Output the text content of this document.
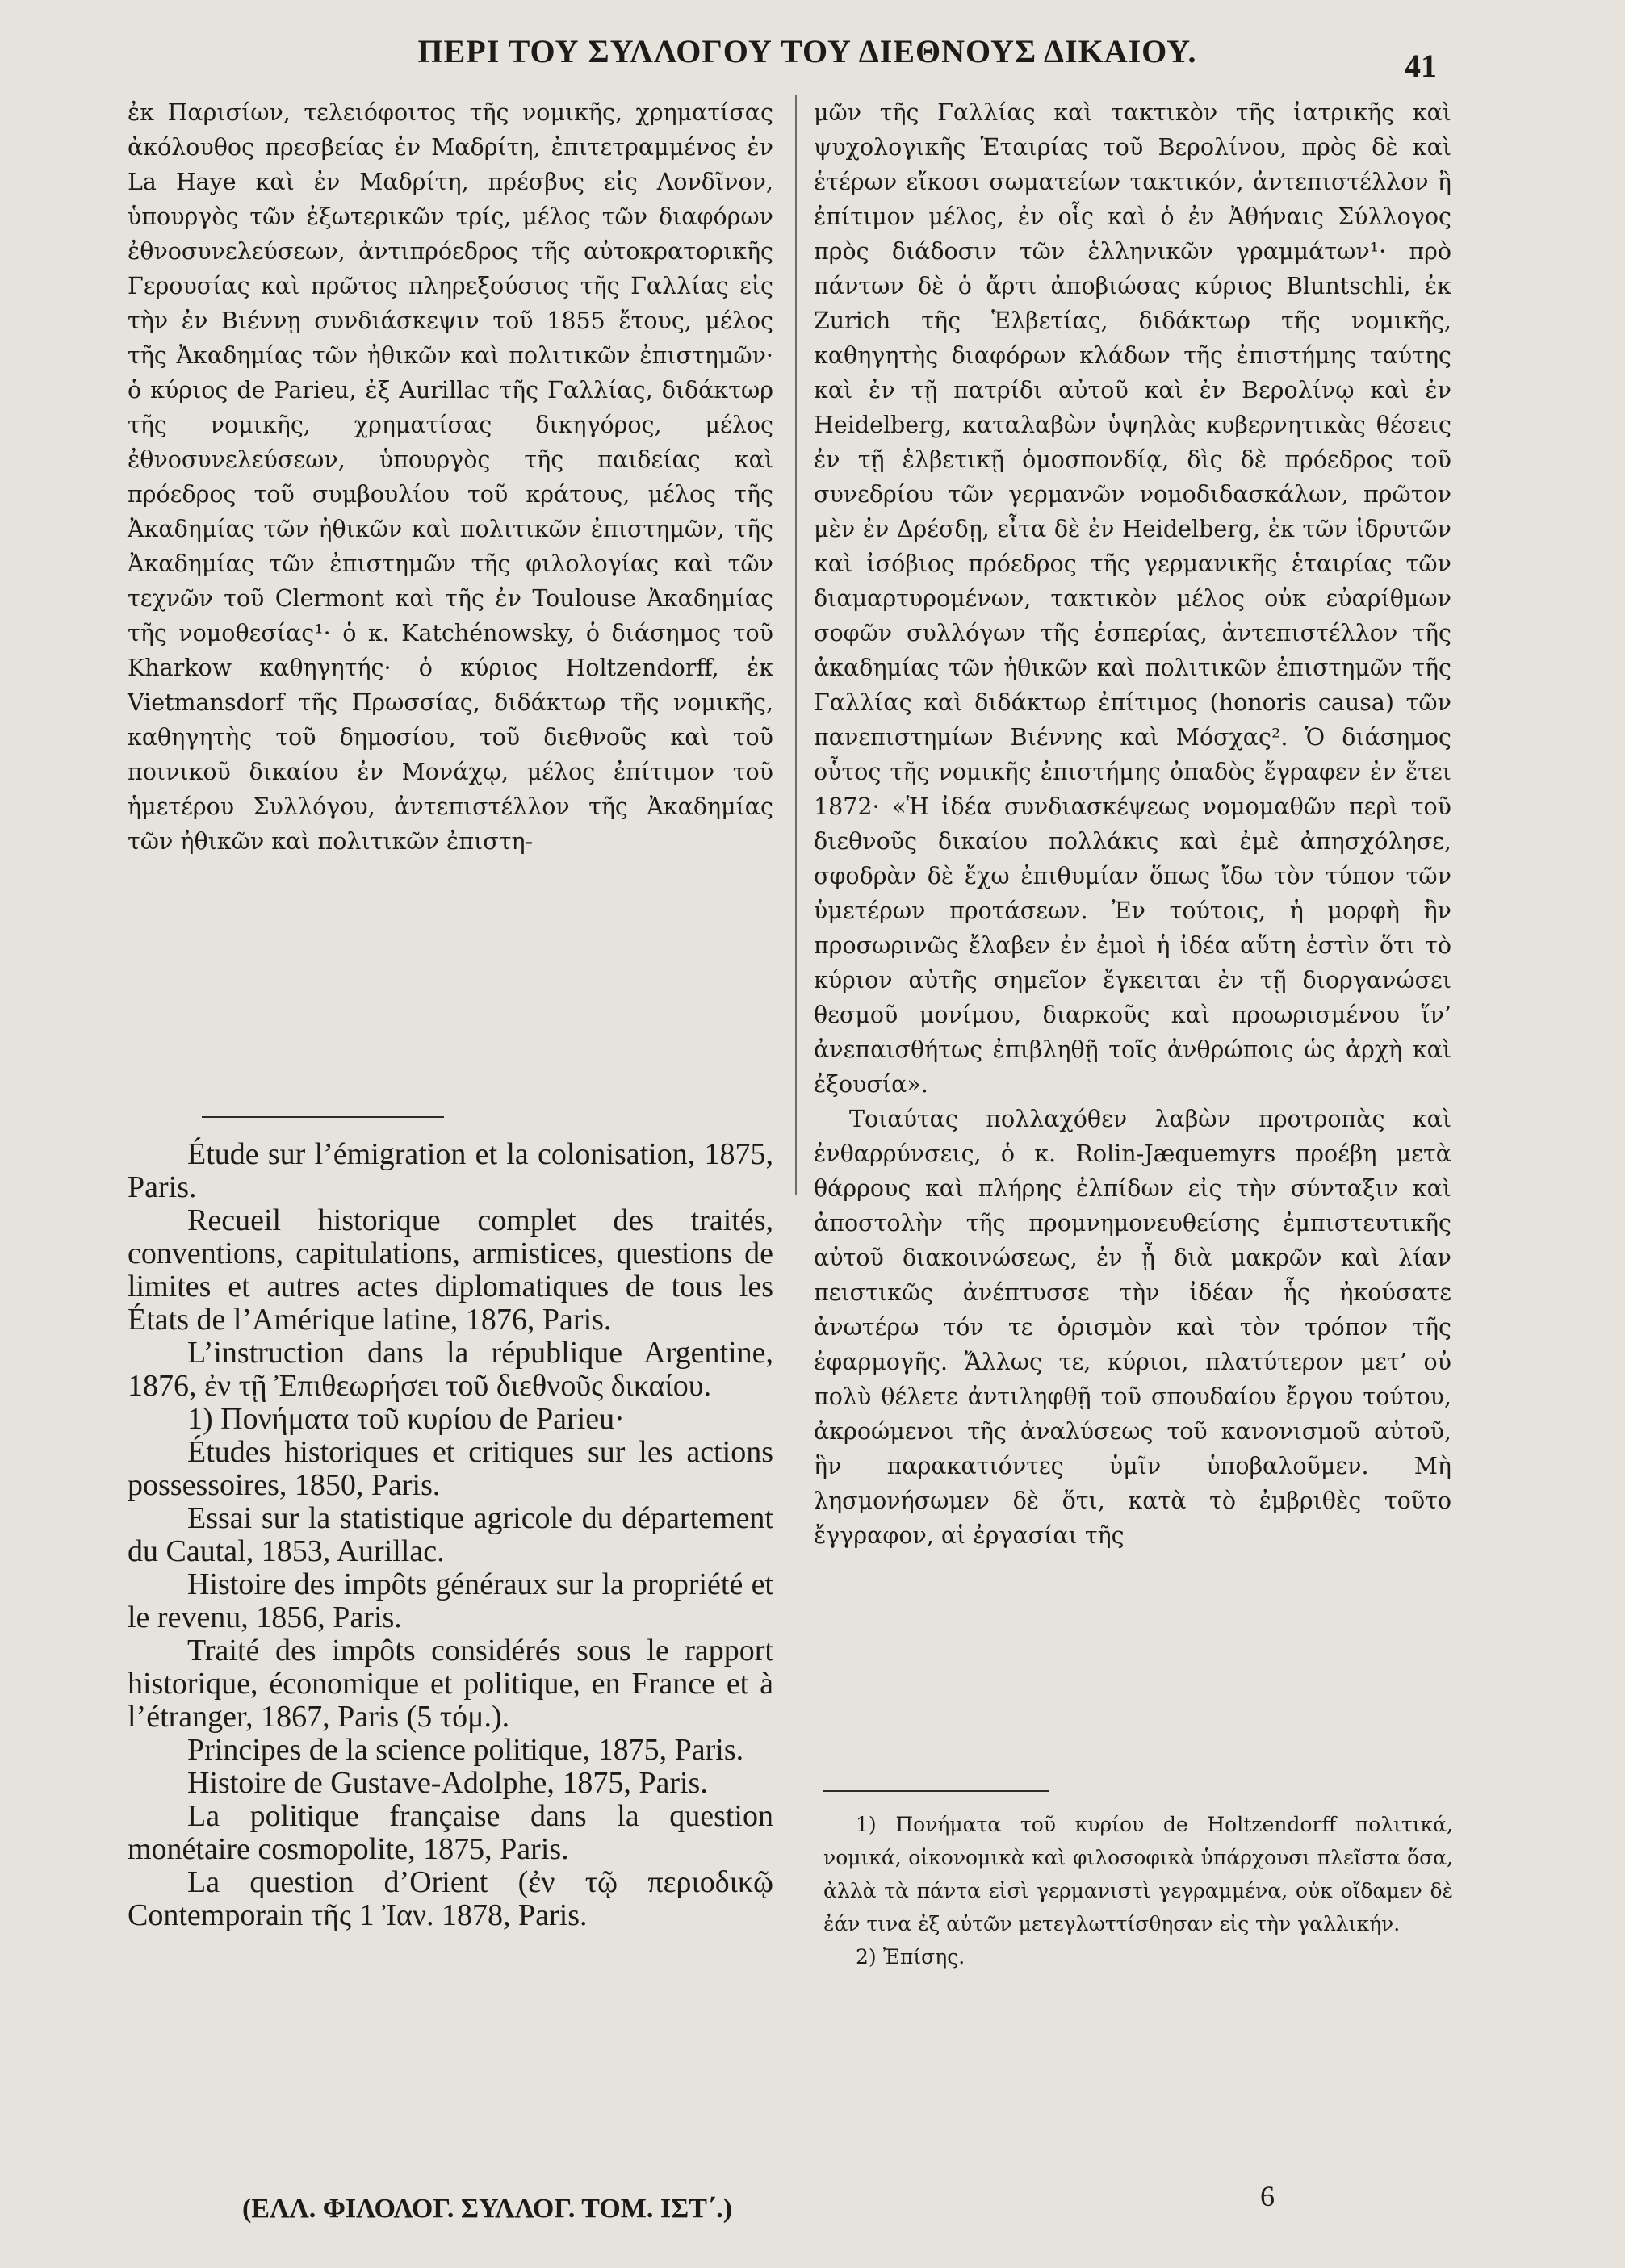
ΠΕΡΙ ΤΟΥ ΣΥΛΛΟΓΟΥ ΤΟΥ ΔΙΕΘΝΟΥΣ ΔΙΚΑΙΟΥ.	41

ἐκ Παρισίων, τελειόφοιτος τῆς νομικῆς, χρηματίσας ἀκόλουθος πρεσβείας ἐν Μαδρίτη, ἐπιτετραμμένος ἐν La Haye καὶ ἐν Μαδρίτη, πρέσβυς εἰς Λονδῖνον, ὑπουργὸς τῶν ἐξωτερικῶν τρίς, μέλος τῶν διαφόρων ἐθνοσυνελεύσεων, ἀντιπρόεδρος τῆς αὐτοκρατορικῆς Γερουσίας καὶ πρῶτος πληρεξούσιος τῆς Γαλλίας εἰς τὴν ἐν Βιέννῃ συνδιάσκεψιν τοῦ 1855 ἔτους, μέλος τῆς Ἀκαδημίας τῶν ἠθικῶν καὶ πολιτικῶν ἐπιστημῶν· ὁ κύριος de Parieu, ἐξ Aurillac τῆς Γαλλίας, διδάκτωρ τῆς νομικῆς, χρηματίσας δικηγόρος, μέλος ἐθνοσυνελεύσεων, ὑπουργὸς τῆς παιδείας καὶ πρόεδρος τοῦ συμβουλίου τοῦ κράτους, μέλος τῆς Ἀκαδημίας τῶν ἠθικῶν καὶ πολιτικῶν ἐπιστημῶν, τῆς Ἀκαδημίας τῶν ἐπιστημῶν τῆς φιλολογίας καὶ τῶν τεχνῶν τοῦ Clermont καὶ τῆς ἐν Toulouse Ἀκαδημίας τῆς νομοθεσίας¹· ὁ κ. Katchénowsky, ὁ διάσημος τοῦ Kharkow καθηγητής· ὁ κύριος Holtzendorff, ἐκ Vietmansdorf τῆς Πρωσσίας, διδάκτωρ τῆς νομικῆς, καθηγητὴς τοῦ δημοσίου, τοῦ διεθνοῦς καὶ τοῦ ποινικοῦ δικαίου ἐν Μονάχῳ, μέλος ἐπίτιμον τοῦ ἡμετέρου Συλλόγου, ἀντεπιστέλλον τῆς Ἀκαδημίας τῶν ἠθικῶν καὶ πολιτικῶν ἐπιστη-

μῶν τῆς Γαλλίας καὶ τακτικὸν τῆς ἰατρικῆς καὶ ψυχολογικῆς Ἑταιρίας τοῦ Βερολίνου, πρὸς δὲ καὶ ἑτέρων εἴκοσι σωματείων τακτικόν, ἀντεπιστέλλον ἢ ἐπίτιμον μέλος, ἐν οἷς καὶ ὁ ἐν Ἀθήναις Σύλλογος πρὸς διάδοσιν τῶν ἑλληνικῶν γραμμάτων¹· πρὸ πάντων δὲ ὁ ἄρτι ἀποβιώσας κύριος Bluntschli, ἐκ Zurich τῆς Ἑλβετίας, διδάκτωρ τῆς νομικῆς, καθηγητὴς διαφόρων κλάδων τῆς ἐπιστήμης ταύτης καὶ ἐν τῇ πατρίδι αὐτοῦ καὶ ἐν Βερολίνῳ καὶ ἐν Heidelberg, καταλαβὼν ὑψηλὰς κυβερνητικὰς θέσεις ἐν τῇ ἑλβετικῇ ὁμοσπονδίᾳ, δὶς δὲ πρόεδρος τοῦ συνεδρίου τῶν γερμανῶν νομοδιδασκάλων, πρῶτον μὲν ἐν Δρέσδῃ, εἶτα δὲ ἐν Heidelberg, ἐκ τῶν ἱδρυτῶν καὶ ἰσόβιος πρόεδρος τῆς γερμανικῆς ἑταιρίας τῶν διαμαρτυρομένων, τακτικὸν μέλος οὐκ εὐαρίθμων σοφῶν συλλόγων τῆς ἑσπερίας, ἀντεπιστέλλον τῆς ἀκαδημίας τῶν ἠθικῶν καὶ πολιτικῶν ἐπιστημῶν τῆς Γαλλίας καὶ διδάκτωρ ἐπίτιμος (honoris causa) τῶν πανεπιστημίων Βιέννης καὶ Μόσχας². Ὁ διάσημος οὗτος τῆς νομικῆς ἐπιστήμης ὀπαδὸς ἔγραφεν ἐν ἔτει 1872· «Ἡ ἰδέα συνδιασκέψεως νομομαθῶν περὶ τοῦ διεθνοῦς δικαίου πολλάκις καὶ ἐμὲ ἀπησχόλησε, σφοδρὰν δὲ ἔχω ἐπιθυμίαν ὅπως ἴδω τὸν τύπον τῶν ὑμετέρων προτάσεων. Ἐν τούτοις, ἡ μορφὴ ἣν προσωρινῶς ἔλαβεν ἐν ἐμοὶ ἡ ἰδέα αὕτη ἐστὶν ὅτι τὸ κύριον αὐτῆς σημεῖον ἔγκειται ἐν τῇ διοργανώσει θεσμοῦ μονίμου, διαρκοῦς καὶ προωρισμένου ἵν’ ἀνεπαισθήτως ἐπιβληθῇ τοῖς ἀνθρώποις ὡς ἀρχὴ καὶ ἐξουσία».

Τοιαύτας πολλαχόθεν λαβὼν προτροπὰς καὶ ἐνθαρρύνσεις, ὁ κ. Rolin-Jæquemyrs προέβη μετὰ θάρρους καὶ πλήρης ἐλπίδων εἰς τὴν σύνταξιν καὶ ἀποστολὴν τῆς προμνημονευθείσης ἐμπιστευτικῆς αὐτοῦ διακοινώσεως, ἐν ᾗ διὰ μακρῶν καὶ λίαν πειστικῶς ἀνέπτυσσε τὴν ἰδέαν ἧς ἠκούσατε ἀνωτέρω τόν τε ὁρισμὸν καὶ τὸν τρόπον τῆς ἐφαρμογῆς. Ἄλλως τε, κύριοι, πλατύτερον μετ’ οὐ πολὺ θέλετε ἀντιληφθῇ τοῦ σπουδαίου ἔργου τούτου, ἀκροώμενοι τῆς ἀναλύσεως τοῦ κανονισμοῦ αὐτοῦ, ἣν παρακατιόντες ὑμῖν ὑποβαλοῦμεν. Μὴ λησμονήσωμεν δὲ ὅτι, κατὰ τὸ ἐμβριθὲς τοῦτο ἔγγραφον, αἱ ἐργασίαι τῆς

Étude sur l’émigration et la colonisation, 1875, Paris.

Recueil historique complet des traités, conventions, capitulations, armistices, questions de limites et autres actes diplomatiques de tous les États de l’Amérique latine, 1876, Paris.

L’instruction dans la république Argentine, 1876, ἐν τῇ Ἐπιθεωρήσει τοῦ διεθνοῦς δικαίου.

1) Πονήματα τοῦ κυρίου de Parieu·

Études historiques et critiques sur les actions possessoires, 1850, Paris.

Essai sur la statistique agricole du département du Cautal, 1853, Aurillac.

Histoire des impôts généraux sur la propriété et le revenu, 1856, Paris.

Traité des impôts considérés sous le rapport historique, économique et politique, en France et à l’étranger, 1867, Paris (5 τόμ.).

Principes de la science politique, 1875, Paris.

Histoire de Gustave-Adolphe, 1875, Paris.

La politique française dans la question monétaire cosmopolite, 1875, Paris.

La question d’Orient (ἐν τῷ περιοδικῷ Contemporain τῆς 1 Ἰαν. 1878, Paris.

1) Πονήματα τοῦ κυρίου de Holtzendorff πολιτικά, νομικά, οἰκονομικὰ καὶ φιλοσοφικὰ ὑπάρχουσι πλεῖστα ὅσα, ἀλλὰ τὰ πάντα εἰσὶ γερμανιστὶ γεγραμμένα, οὐκ οἴδαμεν δὲ ἐάν τινα ἐξ αὐτῶν μετεγλωττίσθησαν εἰς τὴν γαλλικήν.

2) Ἐπίσης.

(ΕΛΛ. ΦΙΛΟΛΟΓ. ΣΥΛΛΟΓ. ΤΟΜ. ΙΣΤ΄.)	6
